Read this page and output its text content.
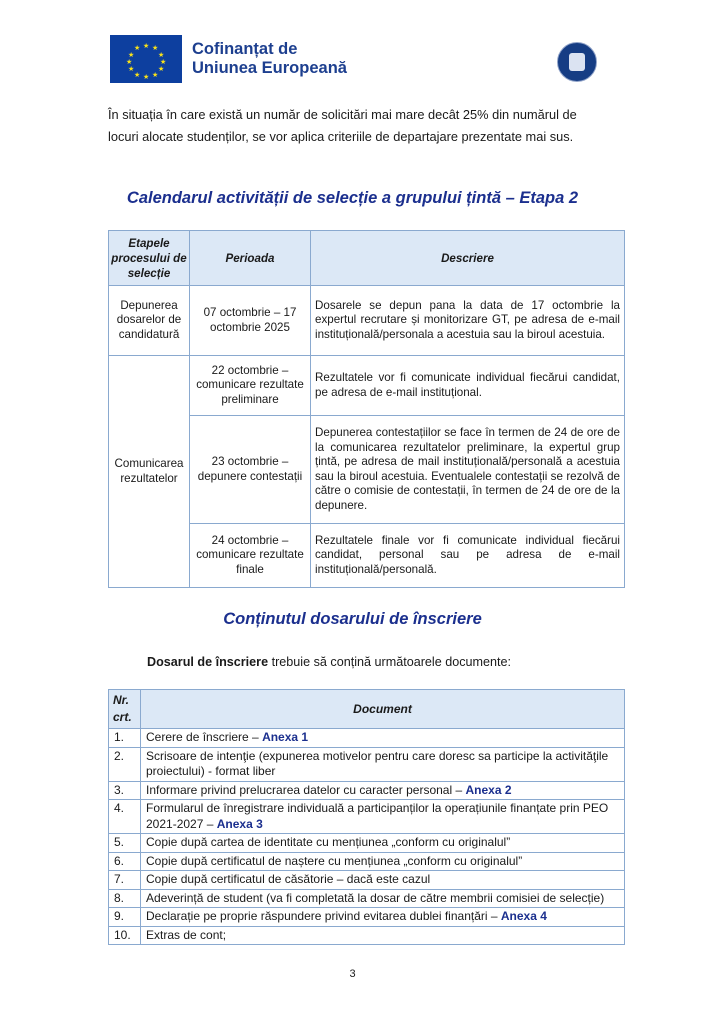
★ ★
★
★
★
★
★
★
★
★
★
★	Cofinanțat de
Uniunea Europeană
În situația în care există un număr de solicitări mai mare decât 25% din numărul de locuri alocate studenților, se vor aplica criteriile de departajare prezentate mai sus.
Calendarul activității de selecție a grupului țintă – Etapa 2
Etapele procesului de selecție	Perioada	Descriere
Depunerea dosarelor de candidatură	07 octombrie – 17 octombrie 2025	Dosarele se depun pana la data de 17 octombrie la expertul recrutare și monitorizare GT, pe adresa de e-mail instituțională/personala a acestuia sau la biroul acestuia.
Comunicarea rezultatelor	22 octombrie – comunicare rezultate preliminare	Rezultatele vor fi comunicate individual fiecărui candidat, pe adresa de e-mail instituțional.
	23 octombrie – depunere contestații	Depunerea contestațiilor se face în termen de 24 de ore de la comunicarea rezultatelor preliminare, la expertul grup țintă, pe adresa de mail instituțională/personală a acestuia sau la biroul acestuia. Eventualele contestații se rezolvă de către o comisie de contestații, în termen de 24 de ore de la depunere.
	24 octombrie – comunicare rezultate finale	Rezultatele finale vor fi comunicate individual fiecărui candidat, personal sau pe adresa de e-mail instituțională/personală.
Conținutul dosarului de înscriere
Dosarul de înscriere trebuie să conțină următoarele documente:
Nr. crt.	Document
1.	Cerere de înscriere – Anexa 1
2.	Scrisoare de intenţie (expunerea motivelor pentru care doresc sa participe la activităţile proiectului) - format liber
3.	Informare privind prelucrarea datelor cu caracter personal – Anexa 2
4.	Formularul de înregistrare individuală a participanților la operațiunile finanțate prin PEO 2021-2027 – Anexa 3
5.	Copie după cartea de identitate cu mențiunea „conform cu originalul”
6.	Copie după certificatul de naștere cu mențiunea „conform cu originalul”
7.	Copie după certificatul de căsătorie – dacă este cazul
8.	Adeverință de student (va fi completată la dosar de către membrii comisiei de selecție)
9.	Declarație pe proprie răspundere privind evitarea dublei finanțări – Anexa 4
10.	Extras de cont;
3
